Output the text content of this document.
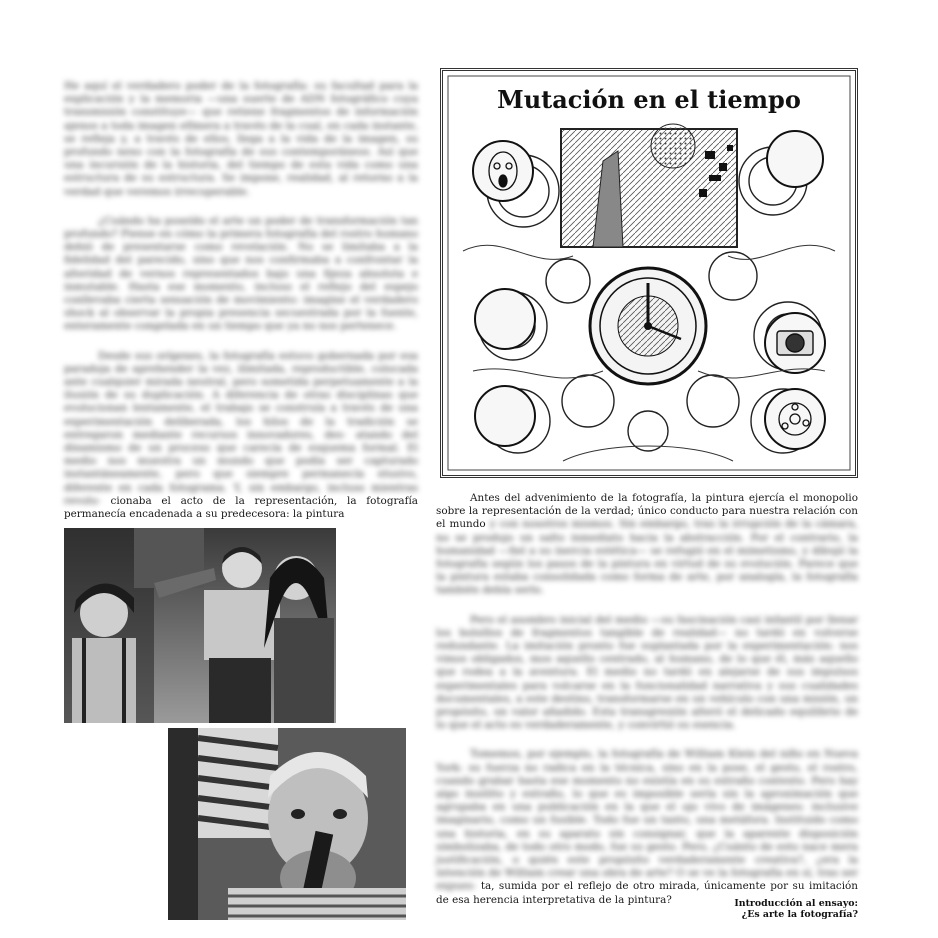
He aquí el verdadero poder de la fotografía: su facultad para la explicación y la memoria —una suerte de ADN fotográfico cuya transmisión constituye— que retiene fragmentos de información ajenos a toda imagen efímera a través de la cual, en cada instante, se refleja y, a través de ellos, llega a la vida de la imagen, su profundo nexo con la fotografía de sus contemporáneos. Así que una incursión de la historia, del tiempo de esta vida como una estructura de su estructura. Se impone, realidad, al retorno a la verdad que veremos irrecuperable.

¿Cuándo ha poseído el arte un poder de transformación tan profundo? Piense en cómo la primera fotografía del rostro humano debió de presentarse como revelación. No se limitaba a la fidelidad del parecido, sino que nos confirmaba a confrontar la alteridad de vernos representados bajo una fijeza absoluta e inmutable. Hasta ese momento, incluso el reflejo del espejo conllevaba cierta sensación de movimiento: imagine el verdadero shock al observar la propia presencia secuestrada por la fuente, enteramente congelada en un tiempo que ya no nos pertenece.

Desde sus orígenes, la fotografía estuvo gobernada por esa paradoja de aprehender la vez, ilimitada, reproductible, colocada ante cualquier mirada neutral, pero sometida perpetuamente a la ilusión de su duplicación. A diferencia de otras disciplinas que evolucionan lentamente, el trabajo se construía a través de una experimentación deliberada, los hilos de la tradición se entregaron mediante recursos innovadores, des- atando del dinamismo de un proceso que carecía de esquema formal. El medio nos muestra un mundo que podía ser capturado instantáneamente, pero que siempre permanecía elusivo, diferente en cada fotograma. Y, sin embargo, incluso mientras revolu- cionaba el acto de la representación, la fotografía permanecía encadenada a su predecesora: la pintura

Mutación en el tiempo

Antes del advenimiento de la fotografía, la pintura ejercía el monopolio sobre la representación de la verdad; único conducto para nuestra relación con el mundo y con nosotros mismos. Sin embargo, tras la irrupción de la cámara, no se produjo un salto inmediato hacia la abstracción. Por el contrario, la humanidad —fiel a su inercia estética— se refugió en el mimetismo, y dibujó la fotografía según los pasos de la pintura en virtud de su evolución. Parece que la pintura estaba consolidada como forma de arte, por analogía, la fotografía también debía serlo.

Pero el asombro inicial del medio —su fascinación casi infantil por llenar los bolsillos de fragmentos tangible de realidad— no tardó en volverse redundante. La imitación pronto fue suplantada por la experimentación: nos vimos obligados, mos aquello centrado, al humano, de lo que él, más aquello que rodea a la aventura. El medio no tardó en alejarse de sus impulsos experimentales para volcarse en la funcionalidad narrativa y sus cualidades documentales, a este destino, transformarse en un vehículo con una misión, un propósito, un valor añadido. Esta transgresión alteró el delicado equilibrio de lo que el acto es verdaderamente, y convirtió su esencia.

Tomemos, por ejemplo, la fotografía de William Klein del niño en Nueva York: su fuerza no radica en la técnica, sino en la pose, el gesto, el rostro, cuando grabar hasta ese momento no existía en su extraño contexto. Pero hay algo insólito y extraño, lo que es imposible sería sin la aproximación que agrupaba en una publicación en la que el ojo vivo de imágenes: inclusive imaginario, como un fusible. Todo fue un tanto, una metáfora. Instituido como una historia, en su aparato sin consignar, que la aparente disposición simbolizaba, de todo otro modo, fue su gesto. Pero, ¿Cuánto de esto nace mera justificación, o quién este propósito verdaderamente creativa?, ¿era la intención de William crear una obra de arte? O se ve la fotografía en sí, tras ser expues- ta, sumida por el reflejo de otro mirada, únicamente por su imitación de esa herencia interpretativa de la pintura?	Introducción al ensayo:
¿Es arte la fotografía?
